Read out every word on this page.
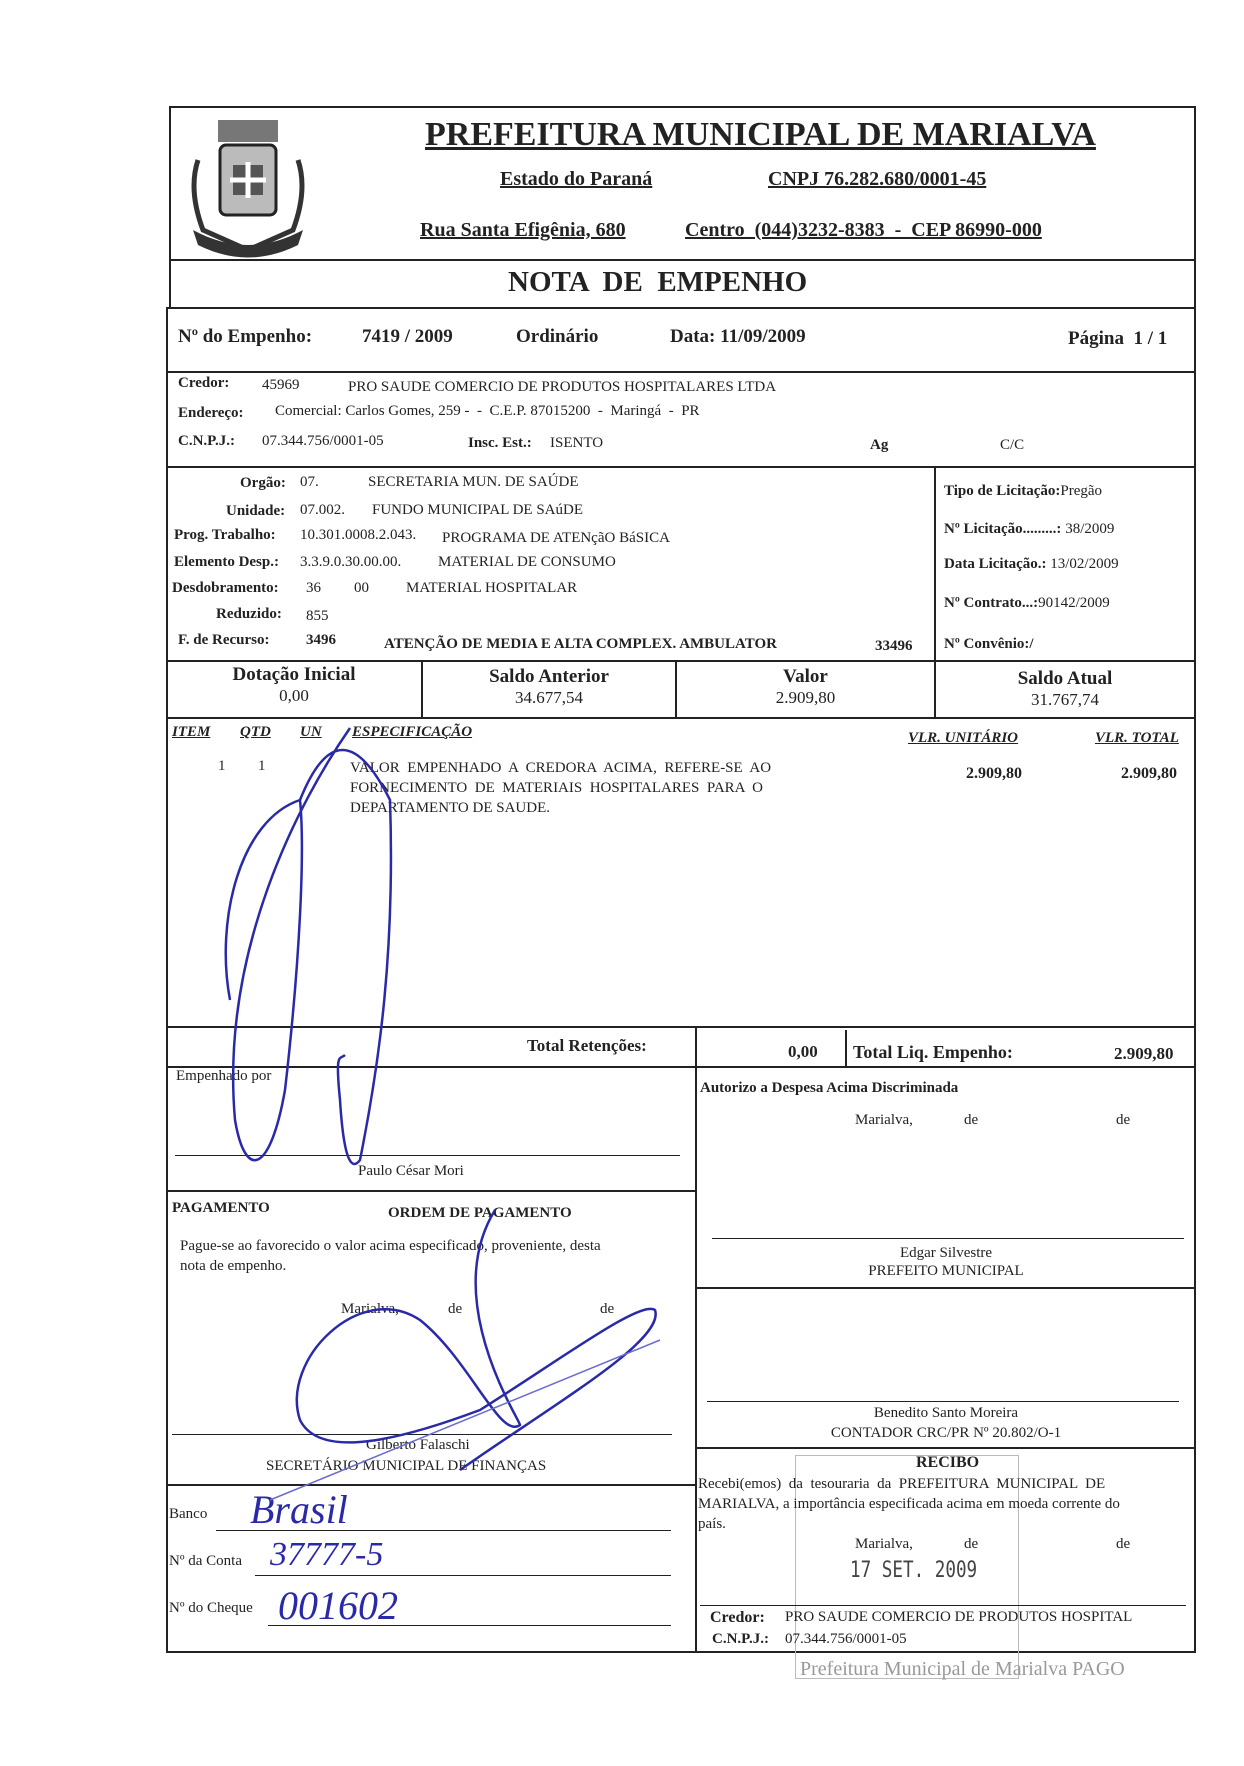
PREFEITURA MUNICIPAL DE MARIALVA
Estado do Paraná	CNPJ 76.282.680/0001-45
Rua Santa Efigênia, 680	Centro  (044)3232-8383  -  CEP 86990-000
NOTA  DE  EMPENHO
Nº do Empenho:	7419 / 2009	Ordinário	Data: 11/09/2009	Página  1 / 1
Credor: 45969	PRO SAUDE COMERCIO DE PRODUTOS HOSPITALARES LTDA
Endereço: Comercial: Carlos Gomes, 259 -  -  C.E.P. 87015200  -  Maringá  -  PR
C.N.P.J.: 07.344.756/0001-05	Insc. Est.: ISENTO	Ag	C/C
Orgão: 07.	SECRETARIA MUN. DE SAÚDE
Unidade: 07.002. FUNDO MUNICIPAL DE SAúDE
Prog. Trabalho: 10.301.0008.2.043. PROGRAMA DE ATENçãO BáSICA
Elemento Desp.: 3.3.9.0.30.00.00. MATERIAL DE CONSUMO
Desdobramento: 36 00 MATERIAL HOSPITALAR
Reduzido: 855
F. de Recurso: 3496	ATENÇÃO DE MEDIA E ALTA COMPLEX. AMBULATOR	33496
Tipo de Licitação:Pregão
Nº Licitação.........: 38/2009
Data Licitação.: 13/02/2009
Nº Contrato...:90142/2009
Nº Convênio:/
Dotação Inicial
0,00
Saldo Anterior
34.677,54
Valor
2.909,80
Saldo Atual
31.767,74
ITEM QTD UN ESPECIFICAÇÃO	VLR. UNITÁRIO	VLR. TOTAL
1 1	VALOR  EMPENHADO  A  CREDORA  ACIMA,  REFERE-SE  AO
FORNECIMENTO  DE  MATERIAIS  HOSPITALARES  PARA  O
DEPARTAMENTO DE SAUDE.
2.909,80	2.909,80
Total Retenções:	0,00 Total Liq. Empenho:	2.909,80
Empenhado por
Paulo César Mori
Autorizo a Despesa Acima Discriminada
Marialva,	de	de
Edgar Silvestre
PREFEITO MUNICIPAL
PAGAMENTO	ORDEM DE PAGAMENTO
Pague-se ao favorecido o valor acima especificado, proveniente, desta
nota de empenho.
Marialva,	de	de
Gilberto Falaschi
SECRETÁRIO MUNICIPAL DE FINANÇAS
Benedito Santo Moreira
CONTADOR CRC/PR Nº 20.802/O-1
Banco Brasil
Nº da Conta 37777-5
Nº do Cheque 001602
Prefeitura Municipal de Marialva PAGO
RECIBO
Recebi(emos)  da  tesouraria  da  PREFEITURA  MUNICIPAL  DE
MARIALVA, a importância especificada acima em moeda corrente do
país.
Marialva,	de	de
17 SET. 2009
Credor: PRO SAUDE COMERCIO DE PRODUTOS HOSPITAL
C.N.P.J.: 07.344.756/0001-05
